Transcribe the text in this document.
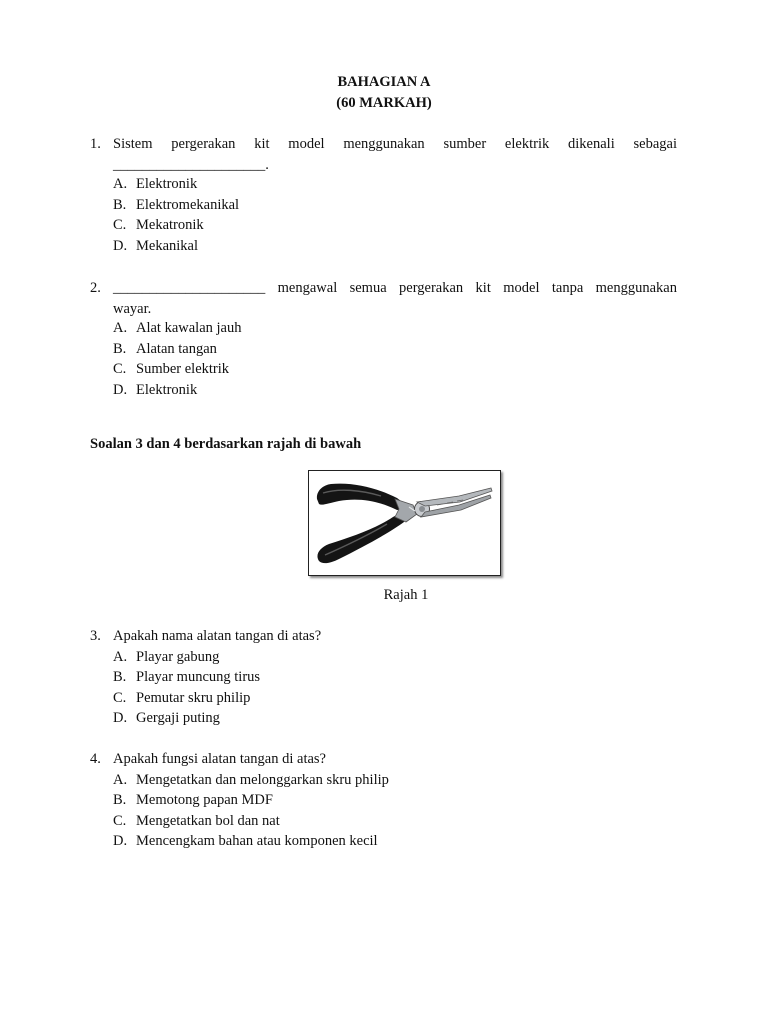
BAHAGIAN A
(60 MARKAH)
1. Sistem pergerakan kit model menggunakan sumber elektrik dikenali sebagai
_____________________.
A. Elektronik
B. Elektromekanikal
C. Mekatronik
D. Mekanikal
2. _____________________ mengawal semua pergerakan kit model tanpa menggunakan
wayar.
A. Alat kawalan jauh
B. Alatan tangan
C. Sumber elektrik
D. Elektronik
Soalan 3 dan 4 berdasarkan rajah di bawah
Rajah 1
3. Apakah nama alatan tangan di atas?
A. Playar gabung
B. Playar muncung tirus
C. Pemutar skru philip
D. Gergaji puting
4. Apakah fungsi alatan tangan di atas?
A. Mengetatkan dan melonggarkan skru philip
B. Memotong papan MDF
C. Mengetatkan bol dan nat
D. Mencengkam bahan atau komponen kecil
